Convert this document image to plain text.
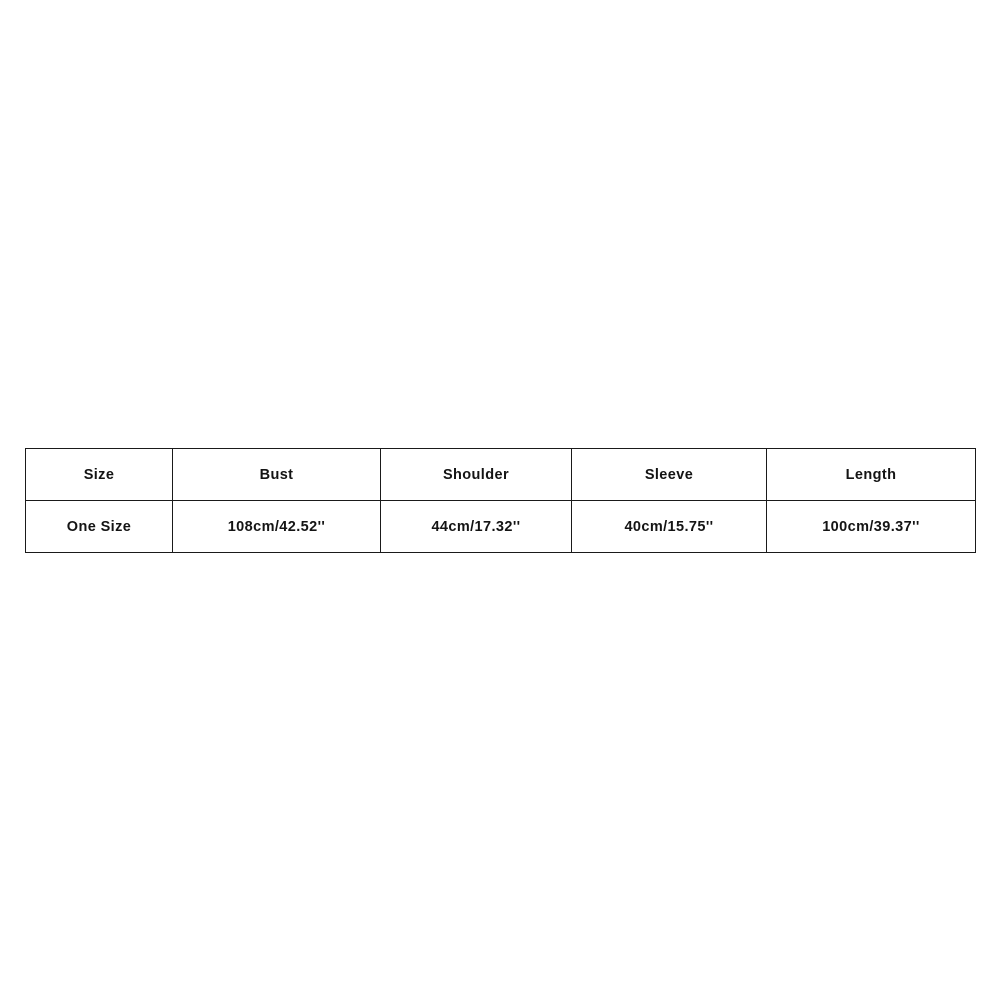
Size	Bust	Shoulder	Sleeve	Length
One Size	108cm/42.52''	44cm/17.32''	40cm/15.75''	100cm/39.37''
